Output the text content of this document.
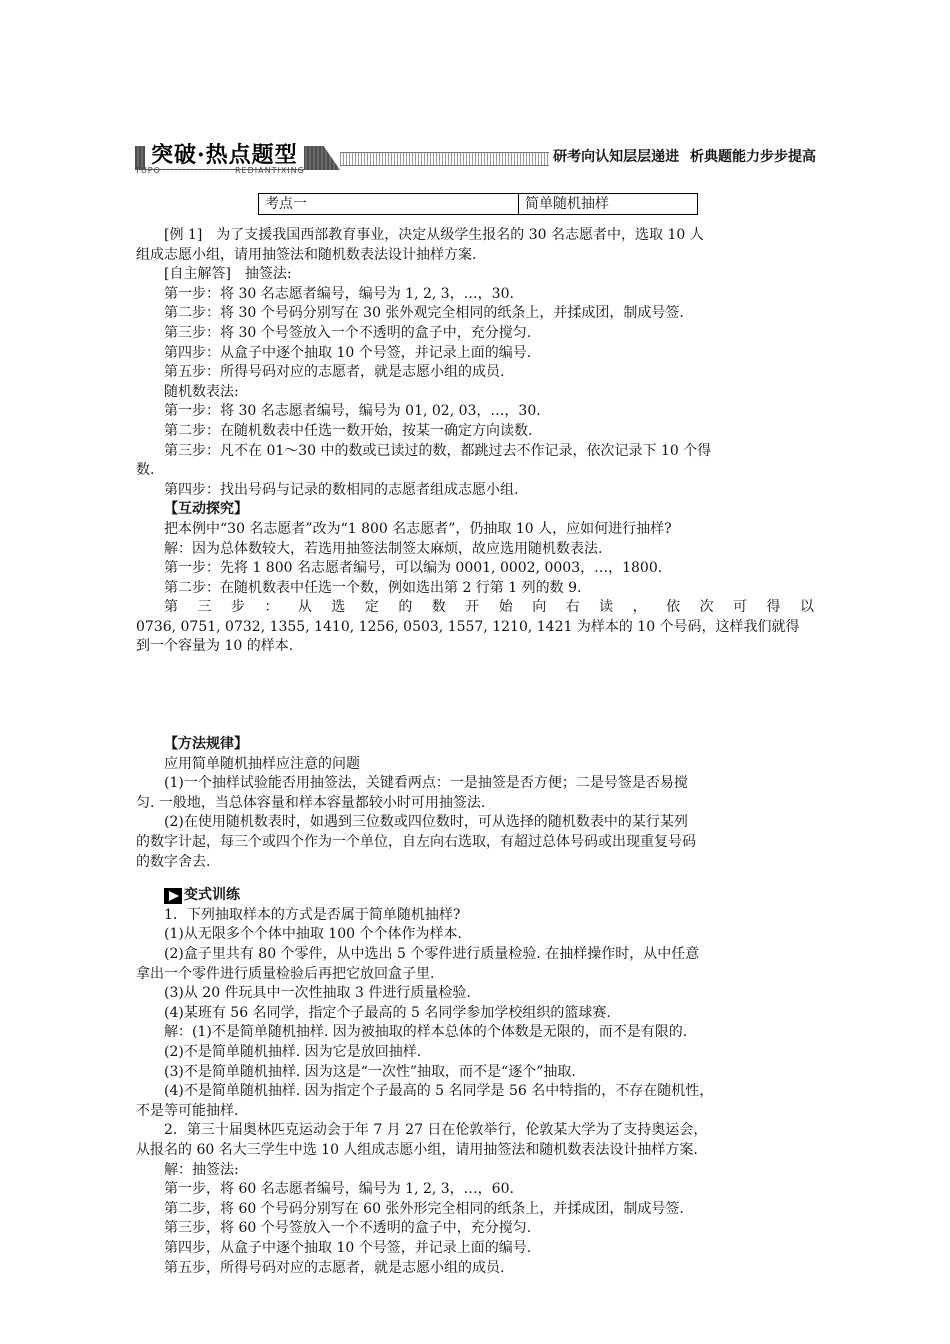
突破·热点题型
TUPO	REDIANTIXING
研考向认知层层递进 析典题能力步步提高
考点一	简单随机抽样

[例 1]　为了支援我国西部教育事业，决定从级学生报名的 30 名志愿者中，选取 10 人

组成志愿小组，请用抽签法和随机数表法设计抽样方案.

[自主解答]　抽签法:

第一步：将 30 名志愿者编号，编号为 1, 2, 3，…，30.

第二步：将 30 个号码分别写在 30 张外观完全相同的纸条上，并揉成团，制成号签.

第三步：将 30 个号签放入一个不透明的盒子中，充分搅匀.

第四步：从盒子中逐个抽取 10 个号签，并记录上面的编号.

第五步：所得号码对应的志愿者，就是志愿小组的成员.

随机数表法:

第一步：将 30 名志愿者编号，编号为 01, 02, 03，…，30.

第二步：在随机数表中任选一数开始，按某一确定方向读数.

第三步：凡不在 01～30 中的数或已读过的数，都跳过去不作记录，依次记录下 10 个得

数.

第四步：找出号码与记录的数相同的志愿者组成志愿小组.

【互动探究】

把本例中“30 名志愿者”改为“1 800 名志愿者”，仍抽取 10 人，应如何进行抽样?

解：因为总体数较大，若选用抽签法制签太麻烦，故应选用随机数表法.

第一步：先将 1 800 名志愿者编号，可以编为 0001, 0002, 0003，…，1800.

第二步：在随机数表中任选一个数，例如选出第 2 行第 1 列的数 9.

第三步：从选定的数开始向右读，依次可得以

0736, 0751, 0732, 1355, 1410, 1256, 0503, 1557, 1210, 1421 为样本的 10 个号码，这样我们就得

到一个容量为 10 的样本.

【方法规律】

应用简单随机抽样应注意的问题

(1)一个抽样试验能否用抽签法，关键看两点：一是抽签是否方便；二是号签是否易搅

匀. 一般地，当总体容量和样本容量都较小时可用抽签法.

(2)在使用随机数表时，如遇到三位数或四位数时，可从选择的随机数表中的某行某列

的数字计起，每三个或四个作为一个单位，自左向右选取，有超过总体号码或出现重复号码

的数字舍去.

变式训练

1．下列抽取样本的方式是否属于简单随机抽样?

(1)从无限多个个体中抽取 100 个个体作为样本.

(2)盒子里共有 80 个零件，从中选出 5 个零件进行质量检验. 在抽样操作时，从中任意

拿出一个零件进行质量检验后再把它放回盒子里.

(3)从 20 件玩具中一次性抽取 3 件进行质量检验.

(4)某班有 56 名同学，指定个子最高的 5 名同学参加学校组织的篮球赛.

解：(1)不是简单随机抽样. 因为被抽取的样本总体的个体数是无限的，而不是有限的.

(2)不是简单随机抽样. 因为它是放回抽样.

(3)不是简单随机抽样. 因为这是“一次性”抽取，而不是“逐个”抽取.

(4)不是简单随机抽样. 因为指定个子最高的 5 名同学是 56 名中特指的，不存在随机性，

不是等可能抽样.

2．第三十届奥林匹克运动会于年 7 月 27 日在伦敦举行，伦敦某大学为了支持奥运会，

从报名的 60 名大三学生中选 10 人组成志愿小组，请用抽签法和随机数表法设计抽样方案.

解：抽签法:

第一步，将 60 名志愿者编号，编号为 1, 2, 3，…，60.

第二步，将 60 个号码分别写在 60 张外形完全相同的纸条上，并揉成团，制成号签.

第三步，将 60 个号签放入一个不透明的盒子中，充分搅匀.

第四步，从盒子中逐个抽取 10 个号签，并记录上面的编号.

第五步，所得号码对应的志愿者，就是志愿小组的成员.
